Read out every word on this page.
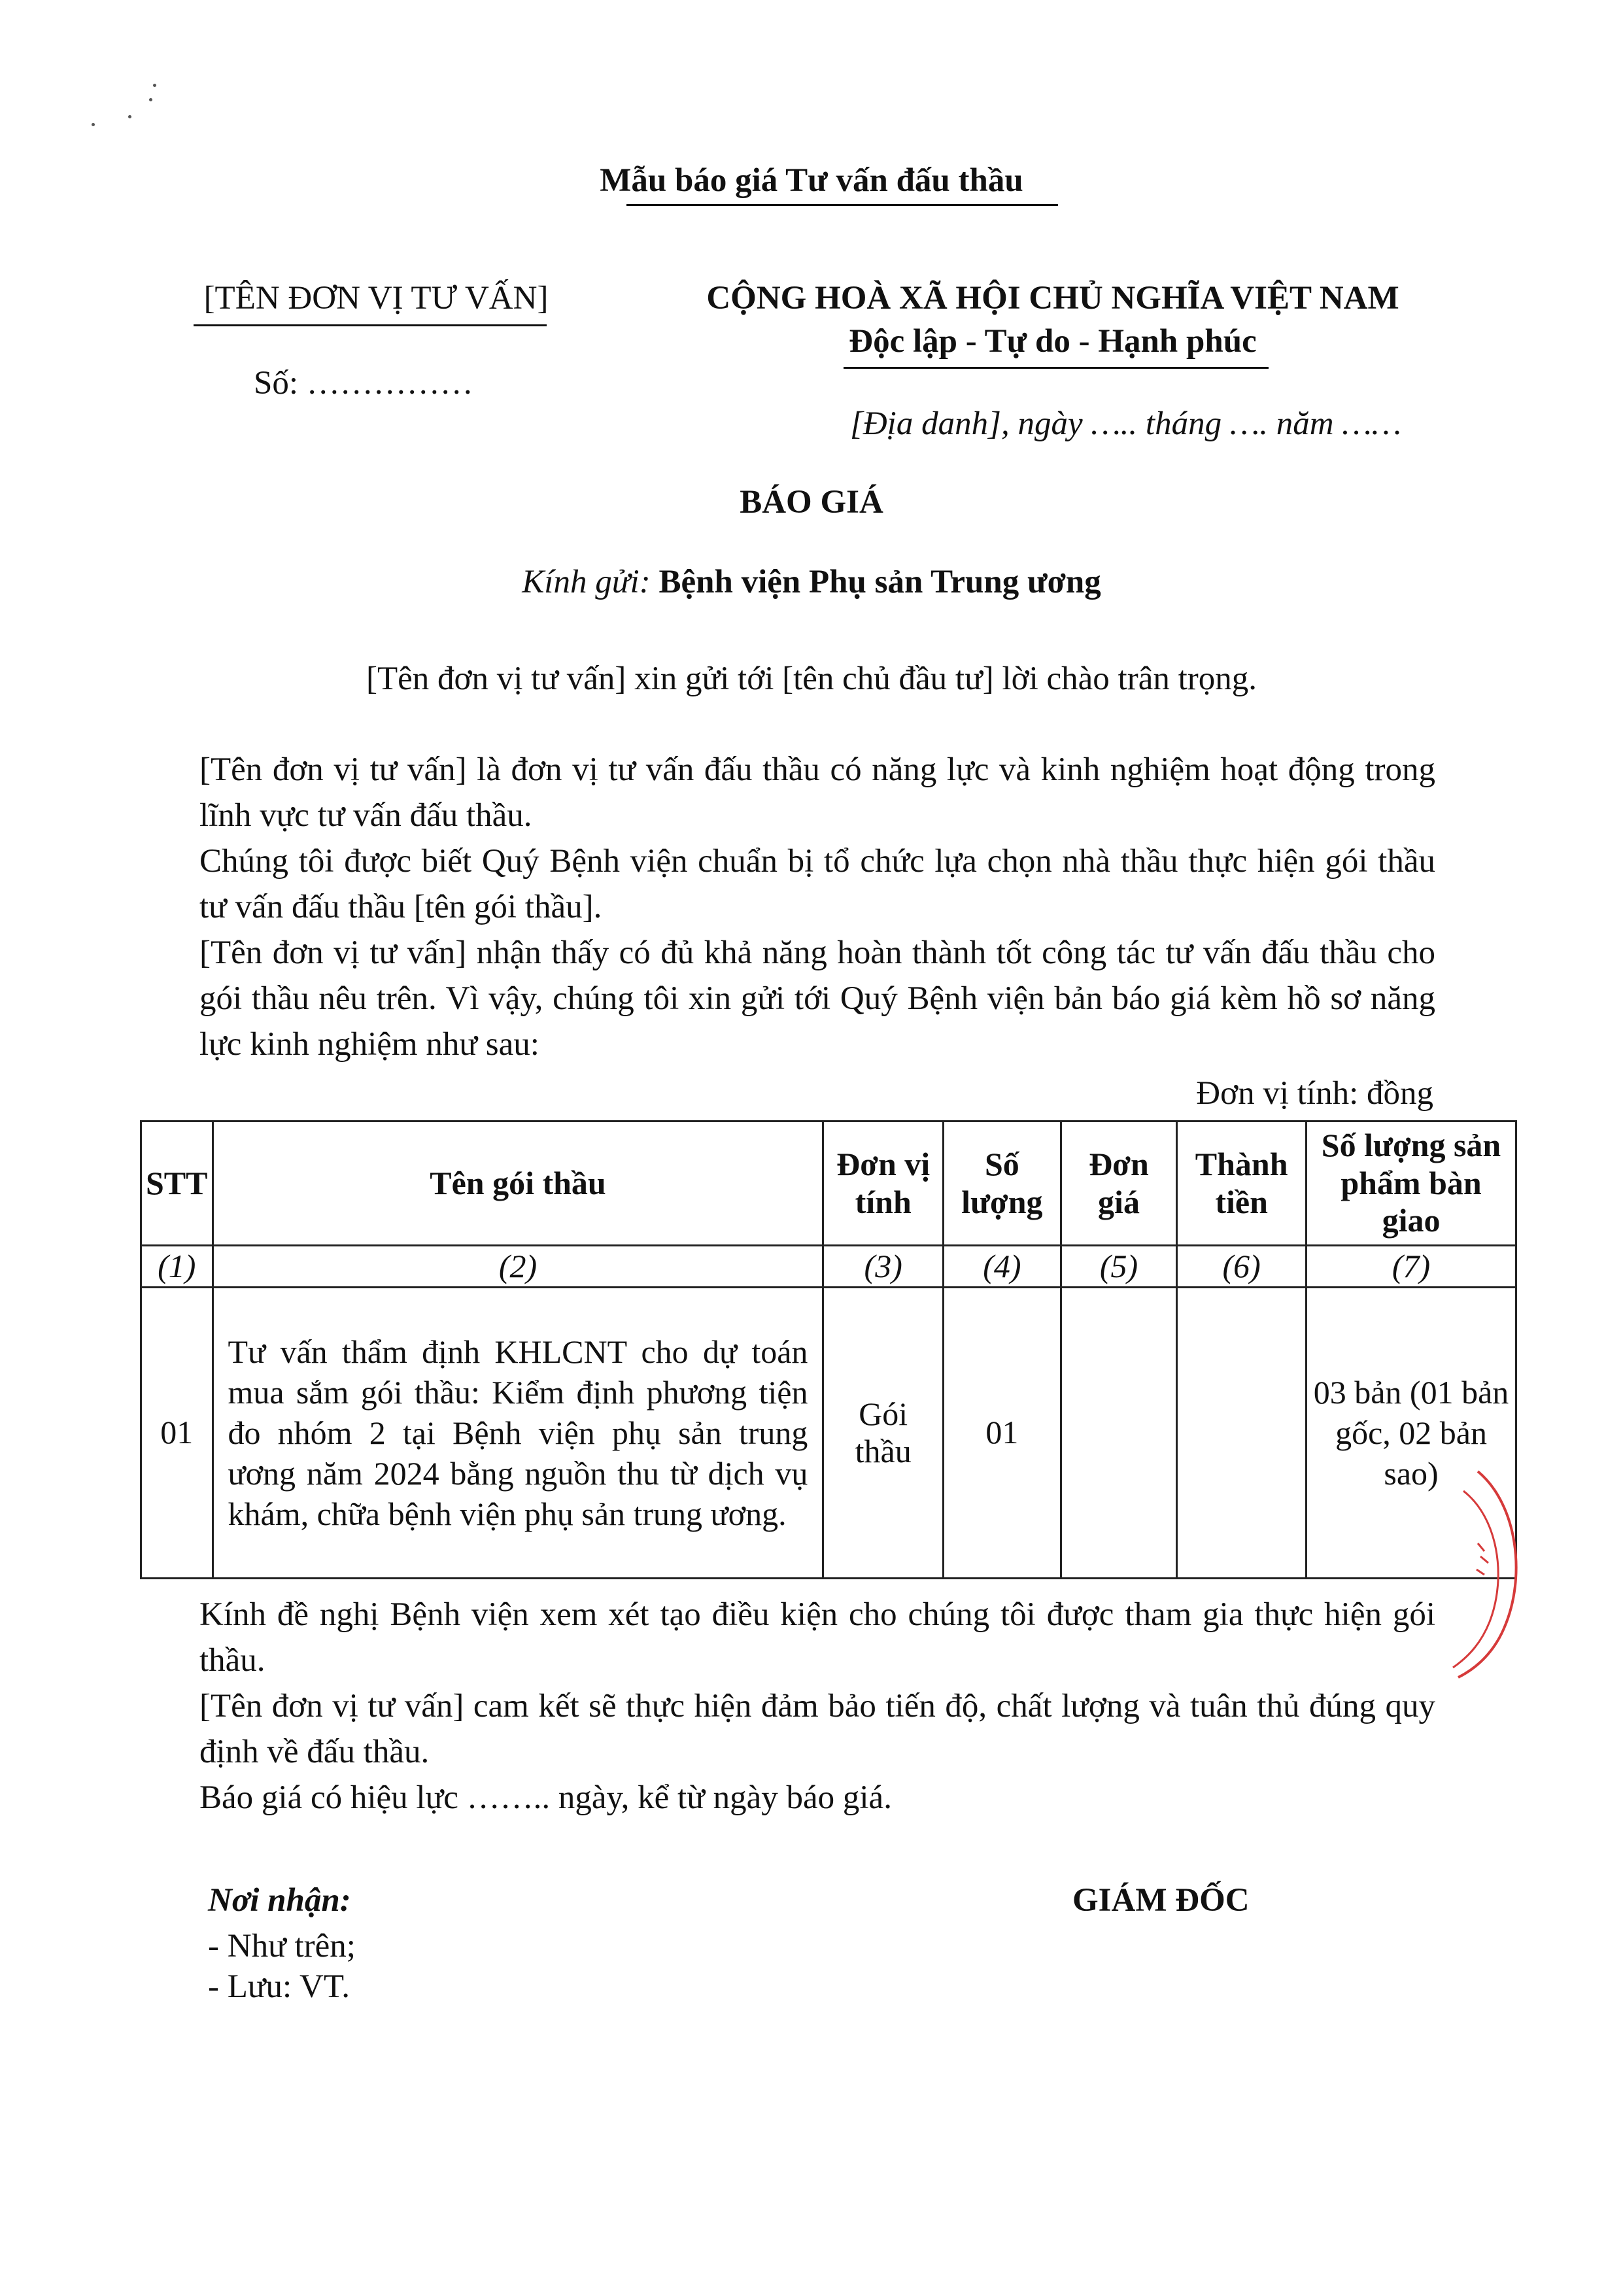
Mẫu báo giá Tư vấn đấu thầu
[TÊN ĐƠN VỊ TƯ VẤN]
Số: ……………
CỘNG HOÀ XÃ HỘI CHỦ NGHĨA VIỆT NAM
Độc lập - Tự do - Hạnh phúc
[Địa danh], ngày ….. tháng …. năm ……
BÁO GIÁ
Kính gửi: Bệnh viện Phụ sản Trung ương
[Tên đơn vị tư vấn] xin gửi tới [tên chủ đầu tư] lời chào trân trọng.
[Tên đơn vị tư vấn] là đơn vị tư vấn đấu thầu có năng lực và kinh nghiệm hoạt động trong lĩnh vực tư vấn đấu thầu.
Chúng tôi được biết Quý Bệnh viện chuẩn bị tổ chức lựa chọn nhà thầu thực hiện gói thầu tư vấn đấu thầu [tên gói thầu].
[Tên đơn vị tư vấn] nhận thấy có đủ khả năng hoàn thành tốt công tác tư vấn đấu thầu cho gói thầu nêu trên. Vì vậy, chúng tôi xin gửi tới Quý Bệnh viện bản báo giá kèm hồ sơ năng lực kinh nghiệm như sau:
Đơn vị tính: đồng
STT	Tên gói thầu	Đơn vị tính	Số lượng	Đơn giá	Thành tiền	Số lượng sản phẩm bàn giao
(1)	(2)	(3)	(4)	(5)	(6)	(7)
01	Tư vấn thẩm định KHLCNT cho dự toán mua sắm gói thầu: Kiểm định phương tiện đo nhóm 2 tại Bệnh viện phụ sản trung ương năm 2024 bằng nguồn thu từ dịch vụ khám, chữa bệnh viện phụ sản trung ương.	Gói thầu	01			03 bản (01 bản gốc, 02 bản sao)
Kính đề nghị Bệnh viện xem xét tạo điều kiện cho chúng tôi được tham gia thực hiện gói thầu.
[Tên đơn vị tư vấn] cam kết sẽ thực hiện đảm bảo tiến độ, chất lượng và tuân thủ đúng quy định về đấu thầu.
Báo giá có hiệu lực …….. ngày, kể từ ngày báo giá.
Nơi nhận:
- Như trên;
- Lưu: VT.
GIÁM ĐỐC
